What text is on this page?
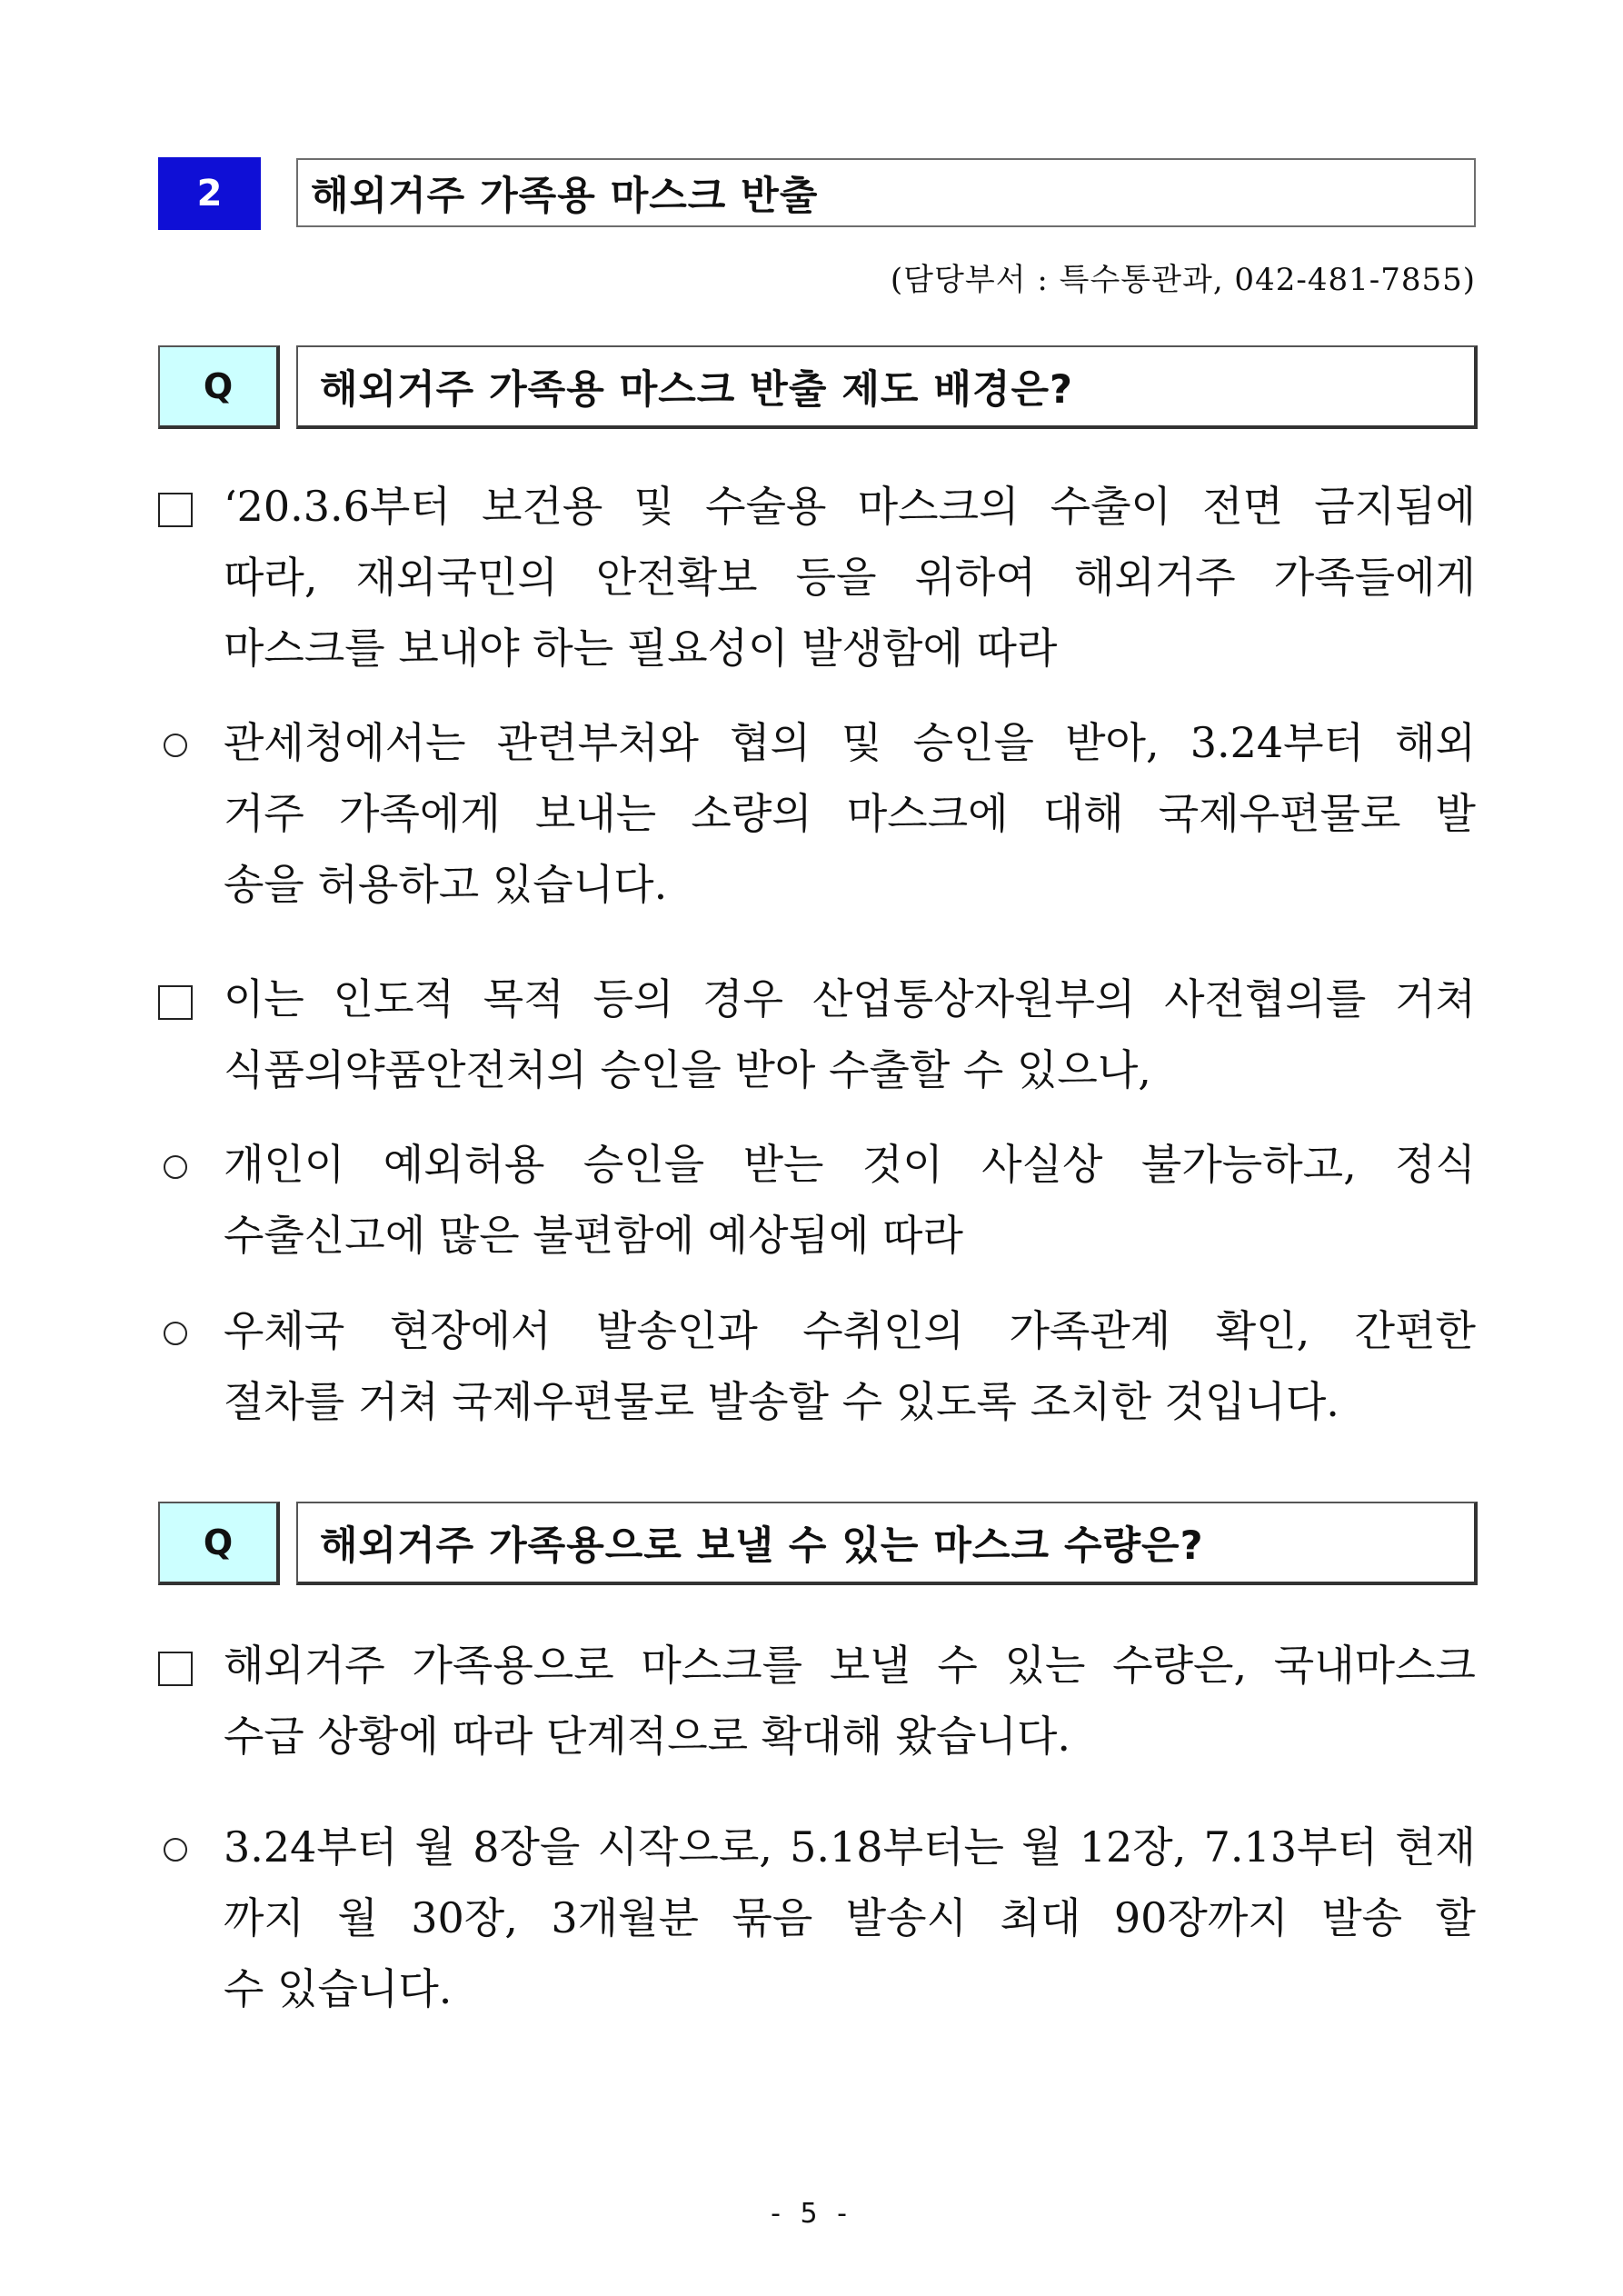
2	해외거주 가족용 마스크 반출
(담당부서 : 특수통관과, 042-481-7855)
Q	해외거주 가족용 마스크 반출 제도 배경은?
‘20.3.6부터 보건용 및 수술용 마스크의 수출이 전면 금지됨에
따라, 재외국민의 안전확보 등을 위하여 해외거주 가족들에게
마스크를 보내야 하는 필요성이 발생함에 따라
관세청에서는 관련부처와 협의 및 승인을 받아, 3.24부터 해외
거주 가족에게 보내는 소량의 마스크에 대해 국제우편물로 발
송을 허용하고 있습니다.
이는 인도적 목적 등의 경우 산업통상자원부의 사전협의를 거쳐
식품의약품안전처의 승인을 받아 수출할 수 있으나,
개인이 예외허용 승인을 받는 것이 사실상 불가능하고, 정식
수출신고에 많은 불편함에 예상됨에 따라
우체국 현장에서 발송인과 수취인의 가족관계 확인, 간편한
절차를 거쳐 국제우편물로 발송할 수 있도록 조치한 것입니다.
Q	해외거주 가족용으로 보낼 수 있는 마스크 수량은?
해외거주 가족용으로 마스크를 보낼 수 있는 수량은, 국내마스크
수급 상황에 따라 단계적으로 확대해 왔습니다.
3.24부터 월 8장을 시작으로, 5.18부터는 월 12장, 7.13부터 현재
까지 월 30장, 3개월분 묶음 발송시 최대 90장까지 발송 할
수 있습니다.
- 5 -
